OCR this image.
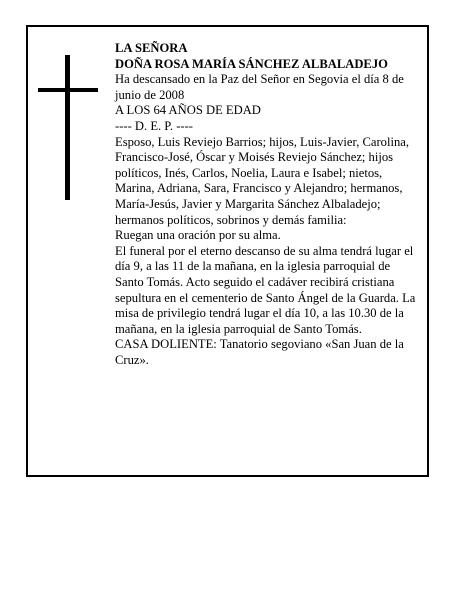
LA SEÑORA

DOÑA ROSA MARÍA SÁNCHEZ ALBALADEJO

Ha descansado en la Paz del Señor en Segovia el día 8 de junio de 2008

A LOS 64 AÑOS DE EDAD

---- D. E. P. ----

Esposo, Luis Reviejo Barrios; hijos, Luis-Javier, Carolina, Francisco-José, Óscar y Moisés Reviejo Sánchez; hijos políticos, Inés, Carlos, Noelia, Laura e Isabel; nietos, Marina, Adriana, Sara, Francisco y Alejandro; hermanos, María-Jesús, Javier y Margarita Sánchez Albaladejo; hermanos políticos, sobrinos y demás familia:

Ruegan una oración por su alma.

El funeral por el eterno descanso de su alma tendrá lugar el día 9, a las 11 de la mañana, en la iglesia parroquial de Santo Tomás. Acto seguido el cadáver recibirá cristiana sepultura en el cementerio de Santo Ángel de la Guarda. La misa de privilegio tendrá lugar el día 10, a las 10.30 de la mañana, en la iglesia parroquial de Santo Tomás.

CASA DOLIENTE: Tanatorio segoviano «San Juan de la Cruz».
